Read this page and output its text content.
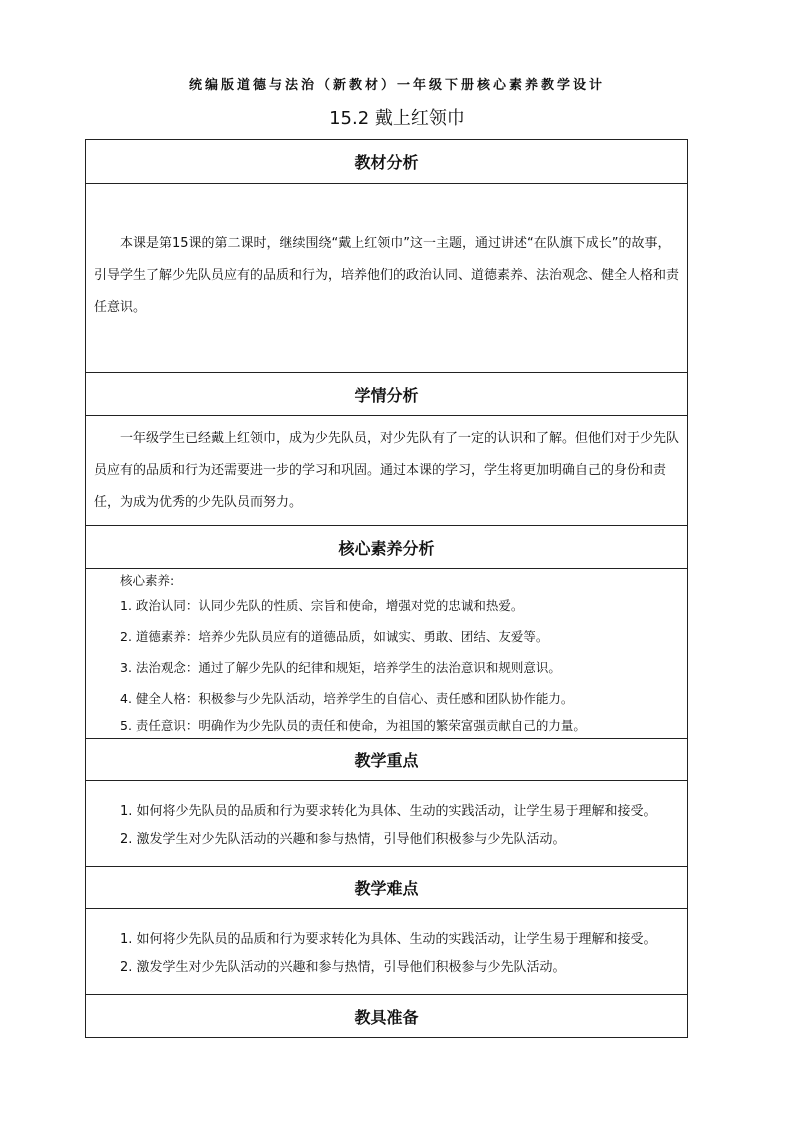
统编版道德与法治（新教材）一年级下册核心素养教学设计
15.2 戴上红领巾
教材分析

本课是第15课的第二课时，继续围绕“戴上红领巾”这一主题，通过讲述“在队旗下成长”的故事，引导学生了解少先队员应有的品质和行为，培养他们的政治认同、道德素养、法治观念、健全人格和责任意识。

学情分析

一年级学生已经戴上红领巾，成为少先队员，对少先队有了一定的认识和了解。但他们对于少先队员应有的品质和行为还需要进一步的学习和巩固。通过本课的学习，学生将更加明确自己的身份和责任，为成为优秀的少先队员而努力。

核心素养分析

核心素养:

1. 政治认同：认同少先队的性质、宗旨和使命，增强对党的忠诚和热爱。

2. 道德素养：培养少先队员应有的道德品质，如诚实、勇敢、团结、友爱等。

3. 法治观念：通过了解少先队的纪律和规矩，培养学生的法治意识和规则意识。

4. 健全人格：积极参与少先队活动，培养学生的自信心、责任感和团队协作能力。

5. 责任意识：明确作为少先队员的责任和使命，为祖国的繁荣富强贡献自己的力量。

教学重点

1. 如何将少先队员的品质和行为要求转化为具体、生动的实践活动，让学生易于理解和接受。

2. 激发学生对少先队活动的兴趣和参与热情，引导他们积极参与少先队活动。

教学难点

1. 如何将少先队员的品质和行为要求转化为具体、生动的实践活动，让学生易于理解和接受。

2. 激发学生对少先队活动的兴趣和参与热情，引导他们积极参与少先队活动。

教具准备
